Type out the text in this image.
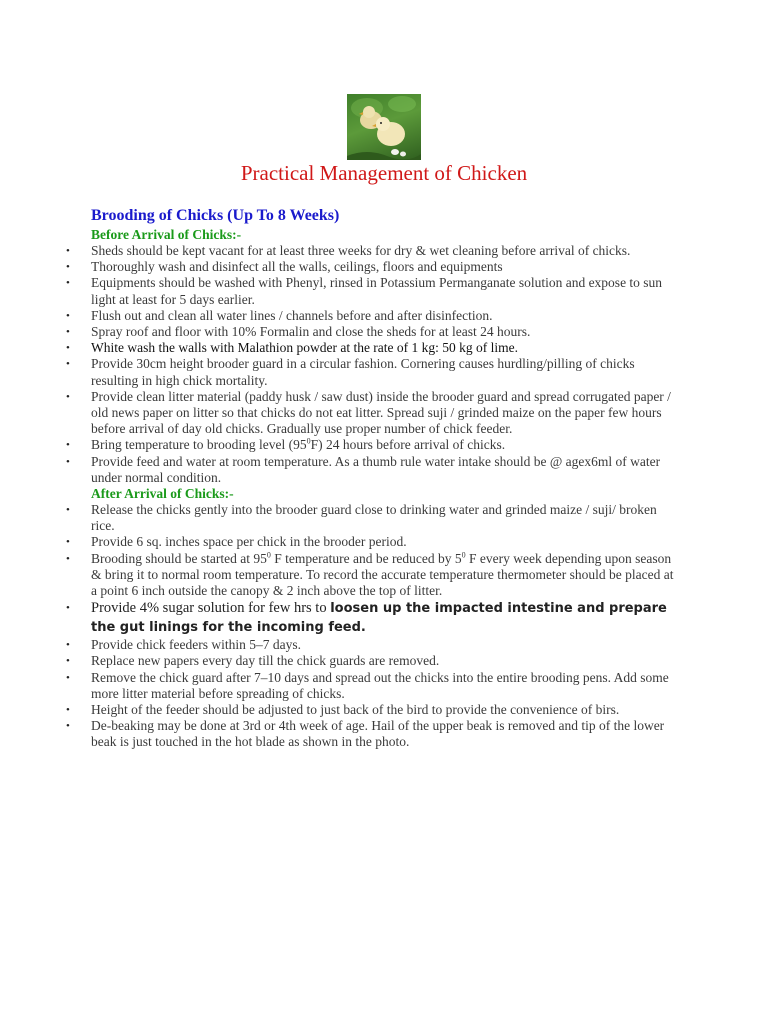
Practical Management of Chicken
Brooding of Chicks (Up To 8 Weeks)
Before Arrival of Chicks:-
• Sheds should be kept vacant for at least three weeks for dry & wet cleaning before arrival of chicks.
• Thoroughly wash and disinfect all the walls, ceilings, floors and equipments
• Equipments should be washed with Phenyl, rinsed in Potassium Permanganate solution and expose to sun light at least for 5 days earlier.
• Flush out and clean all water lines / channels before and after disinfection.
• Spray roof and floor with 10% Formalin and close the sheds for at least 24 hours.
• White wash the walls with Malathion powder at the rate of 1 kg: 50 kg of lime.
• Provide 30cm height brooder guard in a circular fashion. Cornering causes hurdling/pilling of chicks resulting in high chick mortality.
• Provide clean litter material (paddy husk / saw dust) inside the brooder guard and spread corrugated paper / old news paper on litter so that chicks do not eat litter. Spread suji / grinded maize on the paper few hours before arrival of day old chicks. Gradually use proper number of chick feeder.
• Bring temperature to brooding level $(95^0F)$ 24 hours before arrival of chicks.
• Provide feed and water at room temperature. As a thumb rule water intake should be @ agex6ml of water under normal condition.
After Arrival of Chicks:-
• Release the chicks gently into the brooder guard close to drinking water and grinded maize / suji/ broken rice.
• Provide 6 sq. inches space per chick in the brooder period.
• Brooding should be started at $95^0$ F temperature and be reduced by $5^0$ F every week depending upon season & bring it to normal room temperature. To record the accurate temperature thermometer should be placed at a point 6 inch outside the canopy & 2 inch above the top of litter.
• Provide 4% sugar solution for few hrs to loosen up the impacted intestine and prepare the gut linings for the incoming feed.
• Provide chick feeders within 5–7 days.
• Replace new papers every day till the chick guards are removed.
• Remove the chick guard after 7–10 days and spread out the chicks into the entire brooding pens. Add some more litter material before spreading of chicks.
• Height of the feeder should be adjusted to just back of the bird to provide the convenience of birs.
• De-beaking may be done at 3rd or 4th week of age. Hail of the upper beak is removed and tip of the lower beak is just touched in the hot blade as shown in the photo.
